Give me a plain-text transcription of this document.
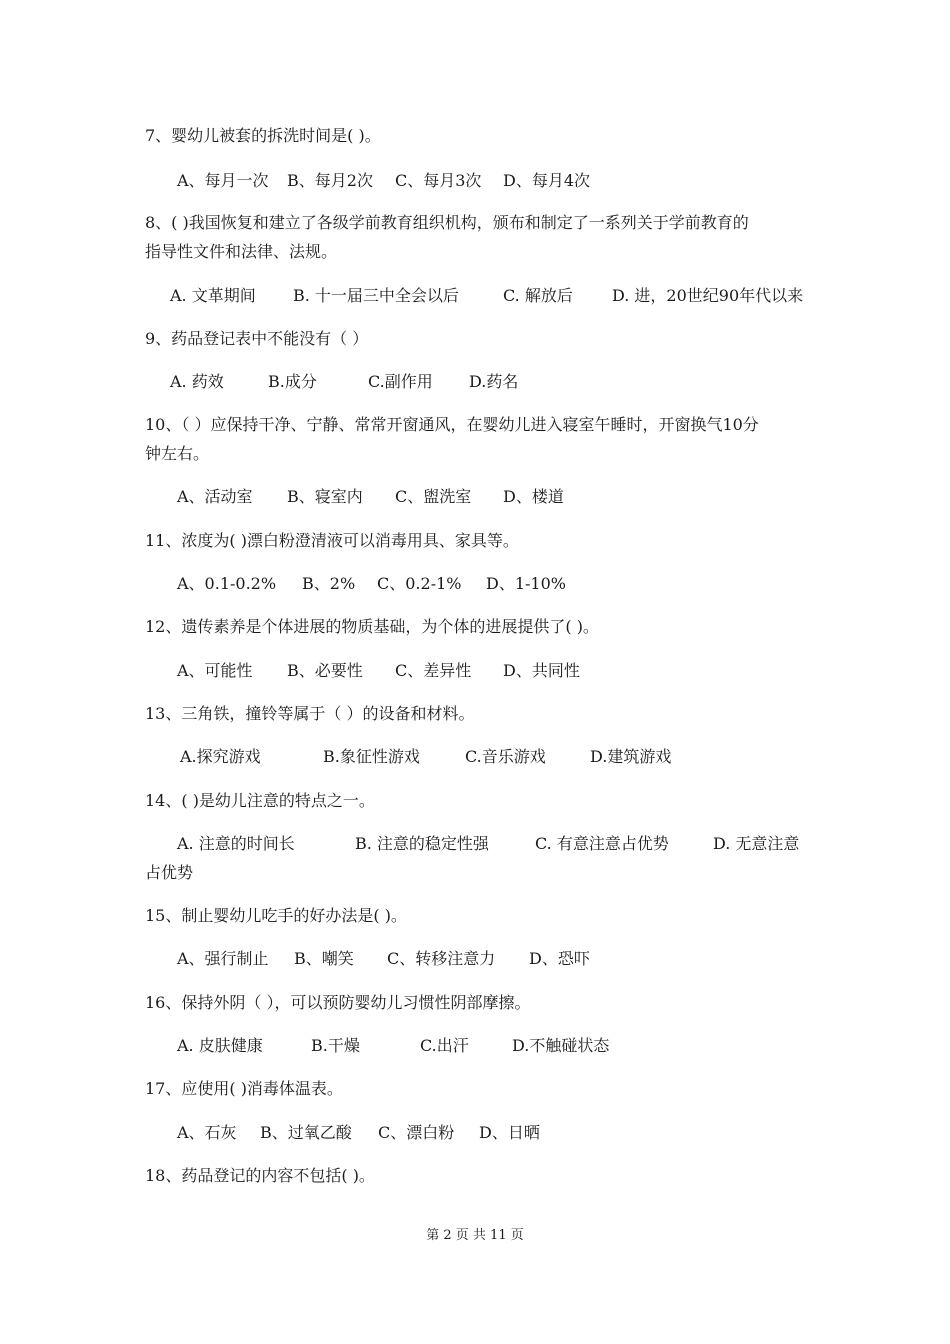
7、婴幼儿被套的拆洗时间是( )。
A、每月一次 B、每月2次 C、每月3次 D、每月4次
8、( )我国恢复和建立了各级学前教育组织机构，颁布和制定了一系列关于学前教育的
指导性文件和法律、法规。
A. 文革期间 B. 十一届三中全会以后	C. 解放后 D. 进，20世纪90年代以来
9、药品登记表中不能没有（ ）
A. 药效	B.成分	C.副作用 D.药名
10、（ ）应保持干净、宁静、常常开窗通风，在婴幼儿进入寝室午睡时，开窗换气10分
钟左右。
A、活动室 B、寝室内 C、盥洗室 D、楼道
11、浓度为( )漂白粉澄清液可以消毒用具、家具等。
A、0.1-0.2% B、2% C、0.2-1% D、1-10%
12、遗传素养是个体进展的物质基础，为个体的进展提供了( )。
A、可能性 B、必要性 C、差异性 D、共同性
13、三角铁，撞铃等属于（ ）的设备和材料。
A.探究游戏	B.象征性游戏	C.音乐游戏	D.建筑游戏
14、( )是幼儿注意的特点之一。
A. 注意的时间长	B. 注意的稳定性强	C. 有意注意占优势	D. 无意注意
占优势
15、制止婴幼儿吃手的好办法是( )。
A、强行制止 B、嘲笑 C、转移注意力 D、恐吓
16、保持外阴（ ），可以预防婴幼儿习惯性阴部摩擦。
A. 皮肤健康	B.干燥	C.出汗	D.不触碰状态
17、应使用( )消毒体温表。
A、石灰 B、过氧乙酸 C、漂白粉 D、日晒
18、药品登记的内容不包括( )。
第 2 页 共 11 页
